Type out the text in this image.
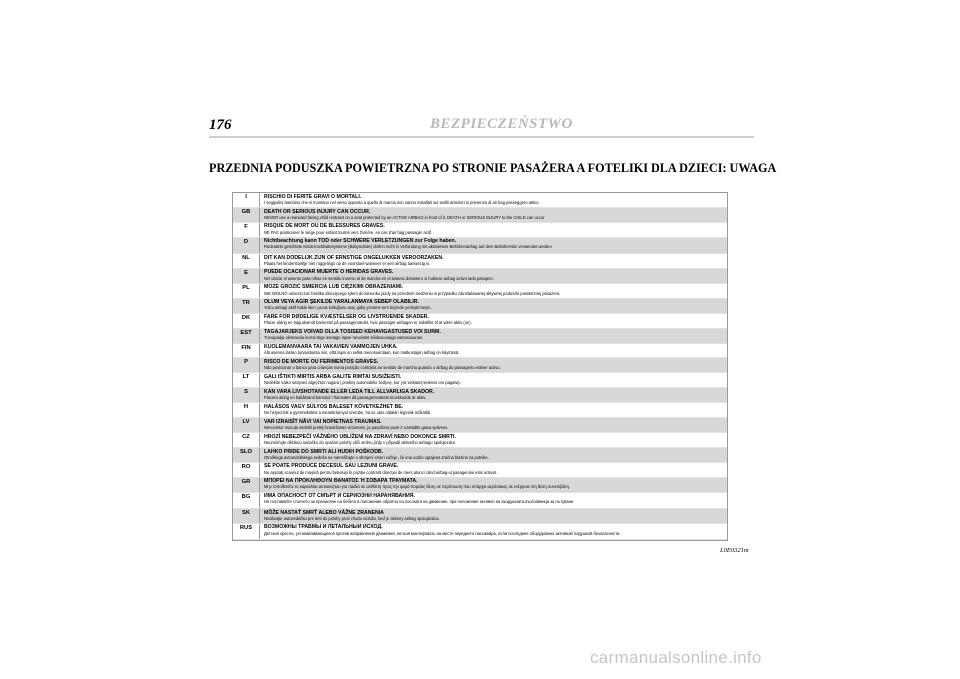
176	BEZPIECZEŃSTWO
PRZEDNIA PODUSZKA POWIETRZNA PO STRONIE PASAŻERA A FOTELIKI DLA DZIECI: UWAGA
I	RISCHIO DI FERITE GRAVI O MORTALI.
I seggiolini bambino che si montano nel verso opposto a quello di marcia non vanno installati sui sedili anteriori in presenza di air bag passeggero attivo.
GB	DEATH OR SERIOUS INJURY CAN OCCUR.
NEVER use a rearward facing child restraint on a seat protected by an ACTIVE AIRBAG in front of it. DEATH or SERIOUS INJURY to the CHILD can occur
F	RISQUE DE MORT OU DE BLESSURES GRAVES.
NE PAS positionner le siège pour enfant tourné vers l'arrière, en cas d'air bag passager actif.
D	Nichtbeachtung kann TOD oder SCHWERE VERLETZUNGEN zur Folge haben.
Rückwärts gerichtete Kinderrückhaltesysteme (Babyschale) dürfen nicht in Verbindung mit aktiviertem Beifahrerairbag auf dem Beifahrersitz verwendet werden
NL	DIT KAN DODELIJK ZIJN OF ERNSTIGE ONGELUKKEN VEROORZAKEN.
Plaats het kinderstoeltje niet ruggelings op de voorstoel wanneer er een airbag aanwezig is.
E	PUEDE OCACIONAR MUERTE O HERIDAS GRAVES.
NO ubicar el asiento para niños en sentido inverso al de marcha en el asiento delantero si hubiese airbag activo lado pasajero.
PL	MOŻE GROZIĆ ŚMIERCIA LUB CIĘŻKIMI OBRAŻENIAMI.
NIE WOLNO umieszczać fotelika dziecięcego tyłem do kierunku jazdy na przednim siedzeniu w przypadku zainstalowanej aktywnej poduszki powietrznej pasażera.
TR	ÖLÜM VEYA AĞIR ŞEKİLDE YARALANMAYA SEBEP OLABİLİR.
Yolcu airbagi aktif halde iken çocuk koltuğunu araç gidiş yönüme ters biçimde yerleştirmeyin.
DK	FARE FOR DØDELIGE KVÆSTELSER OG LIVSTRUENDE SKADER.
Placer aldrig en bagudvendt barnestol på passagersædet, hvis passager-airbagen er indstillet til at være aktiv (on).
EST	TAGAJÄRJEKS VÕIVAD OLLA TÕSISED KEHAVIGASTUSED VÕI SURM.
Turvapadja olemasolu korral ärge asetage lapse turvaistet sõidusuunaga vastassuunas.
FIN	KUOLEMANVAARA TAI VAKAVIEN VAMMOJEN UHKA.
Älä asenna lasten turvaistuinta niin, että lapsi on selkä menosuuntaan, kun matkustajan airbag on käytössä.
P	RISCO DE MORTE OU FERIMENTOS GRAVES.
Não posicionar o banco para crianças numa posição contrária ao sentido de marcha quando o airbag do passageiro estiver activo.
LT	GALI IŠTIKTI MIRTIS ARBA GALITE RIMTAI SUSIŽEISTI.
Nedėkite vaiko sėdynės atgręžtos nugara į priekinį automobilio sėdynę, kur yra veikiantį keleivio oro pagalvę.
S	KAN VARA LIVSHOTANDE ELLER LEDA TILL ALLVARLIGA SKADOR.
Placera aldrig en bakåtvänd barnstol i framsätet då passagerarsätets krockkudde är aktiv.
H	HALÁSOS VAGY SÚLYOS BALESET KÖVETKEZHET BE.
Ne helyezzük a gyermekülést a menetiránnyal szembe, ha az utas oldalán légzsák működik.
LV	VAR IZRAISĪT NĀVI VAI NOPIETNAS TRAUMAS.
Nenovietot mazuļa sēdekli pretēji braukšanas virzienam, ja pasažiera pusē ir uzstādīts gaisa spilvens.
CZ	HROZÍ NEBEZPEČÍ VÁŽNÉHO UBLÍŽENÍ NA ZDRAVÍ NEBO DOKONCE SMRTI.
Neumísťujte dětskou sedačku do opačné polohy vůči směru jízdy v případě aktivního airbagu spolujezdce.
SLO	LAHKO PRIDE DO SMRTI ALI HUDIH POŠKODB.
Otroškega avtomobilskega sedeža ne nameščajte v obrnjeni smeri vožnje, če ima vozilo vgrajena zračna blazine za potnike.
RO	SE POATE PRODUCE DECESUL SAU LEZIUNI GRAVE.
Nu aşezaţi scaunul de maşină pentru bebeluşi în poziţie contrară direcţiei de mers atunci când airbag-ul pasagerului este activat.
GR	ΜΠΟΡΕΙ ΝΑ ΠΡΟΚΛΗΘΟΥΝ ΘΑΝΑΤΟΣ Ή ΣΟΒΑΡΑ ΤΡΑΥΜΑΤΑ.
Μην τοποθετείτε το καρεκλάκι αυτοκινήτου για παιδιά σε αντίθετη προς την φορά πορείας θέση σε περίπτωση που υπάρχει αερόσακος σε ενέργεια στη θέση συνεπιβάτη.
BG	ИМА ОПАСНОСТ ОТ СМЪРТ И СЕРИОЗНИ НАРАНЯВАНИЯ.
Не поставяйте столчето за пренасяне на бебета в положение обратно на посоката на движение, при положение активно на въздушната възглавница за пътуване.
SK	MÔŽE NASTAŤ SMRŤ ALEBO VÁŽNE ZRANENIA
Nedávajte autosedačku pre deti do polohy proti chodu vozidla, keď je aktívny airbag spolujazdca.
RUS	ВОЗМОЖНЫ ТРАВМЫ И ЛЕТАЛЬНЫЙ ИСХОД.
Детское кресло, устанавливающееся против направления движения, нельзя монтировать на месте переднего пассажира, если последнее оборудовано активной подушкой безопасности.
L0E0321m
carmanualsonline.info
